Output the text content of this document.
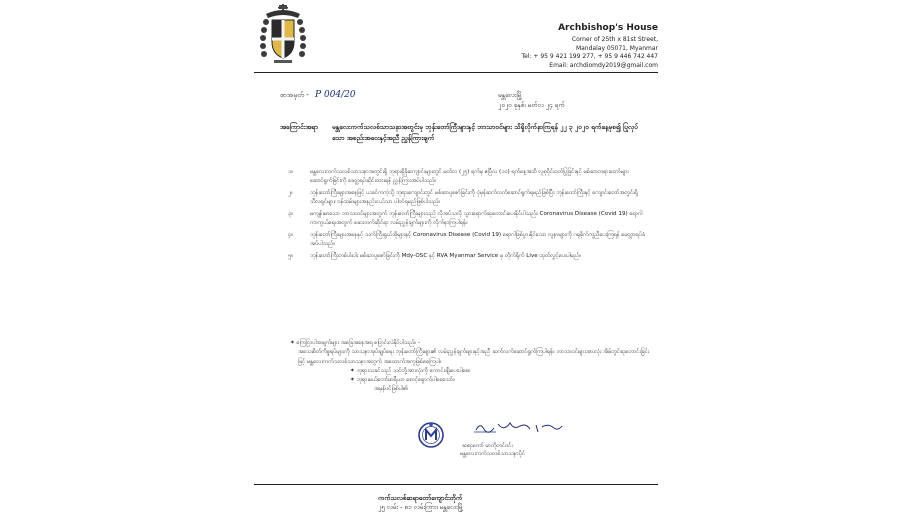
Archbishop's House
Corner of 25th x 81st Street,
Mandalay 05071, Myanmar
Tel: + 95 9 421 199 277, + 95 9 446 742 447
Email: archdiomdy2019@gmail.com
စာအမှတ် - P 004/20	မန္တလေးမြို့
၂၀၂၀ ခုနှစ်၊ မတ်လ ၂၄ ရက်
အကြောင်းအရာ မန္တလေးကက်သလစ်သာသနာအတွင်းမှ ဘုန်းတော်ကြီးများနှင့် ဘာသာဝင်များ သိရှိလိုက်နာကြရန် ၂၂ ၃ ၂၀၂၀ ရက်နေ့မှစ၍ ပြုလုပ်သော အစည်းအဝေးနှင့်အညီ ညွှန်ကြားချက်
၁။	မန္တလေးကက်သလစ်သာသနာအတွင်းရှိ ဘုရားရှိခိုးကျောင်းများတွင် မတ်လ (၂၅) ရက်မှ ဧပြီလ (၁၀) ရက်နေ့အထိ လူစုဝိုင်းဝတ်ပြုခြင်းနှင့် မစ်ဆာတရားတော်များ ဆောင်ရွက်ခြင်းကို ခေတ္တရပ်ဆိုင်းထားရန် ညွှန်ကြားအပ်ပါသည်။
၂။	ဘုန်းတော်ကြီးများအနေဖြင့် ယခင်ကကဲ့သို့ ဘုရားကျောင်းတွင် မစ်ဆာပူဇော်ခြင်းကို ပုံမှန်ဆက်လက်ဆောင်ရွက်ရမည်ဖြစ်ပြီး ဘုန်းတော်ကြီးနှင့် ကျောင်းတော်အတွင်းရှိ သီလရှင်များ၊ ဝန်ထမ်းများအနည်းငယ်သာ ပါဝင်ရမည်ဖြစ်ပါသည်။
၃။	မကျန်းမာသော ဘာသာဝင်များအတွက် ဘုန်းတော်ကြီးများသည် လိုအပ်သလို သွားရောက်ဆုတောင်းပေးနိုင်ပါသည်။ Coronavirus Disease (Covid 19) ရောဂါ ကာကွယ်ရေးအတွက် ဆေးဘက်ဆိုင်ရာ လမ်းညွှန်ချက်များကို လိုက်နာကြပါရန်။
၄။	ဘုန်းတော်ကြီးများအနေနှင့် သက်ကြီးရွယ်အိုများနှင့် Coronavirus Disease (Covid 19) ရောဂါဖြစ်ပွားနိုင်သော လူနာများကို ဂရုစိုက်ကူညီပေးကြရန် မေတ္တာရပ်ခံအပ်ပါသည်။
၅။	ဘုန်းတော်ကြီးတစ်ပါးပါး မစ်ဆာပူဇော်ခြင်းကို Mdy-OSC နှင့် RVA Myanmar Service မှ တိုက်ရိုက် Live ထုတ်လွှင့်ပေးပါမည်။
✶ ကြေငြာပါအချက်များ အခြေအနေအရ ပြောင်းလဲနိုင်ပါသည်။ -
အသေးစိတ်ကိစ္စရပ်များကို သာသနာအုပ်ချုပ်ရေး ဘုန်းတော်ကြီးများ၏ လမ်းညွှန်ချက်များနှင့်အညီ ဆက်လက်ဆောင်ရွက်ကြပါရန်။ ဘာသာဝင်များအားလုံး အိမ်တွင်ဆုတောင်းခြင်းဖြင့် မန္တလေးကက်သလစ်သာသနာအတွက် အထောက်အကူဖြစ်စေကြပါ။
✶ ဘုရားသခင်သည် သင်တို့အားလုံးကို ကောင်းချီးပေးပါစေ။
✶ ဘုရားမယ်တော်မာရီယာ စောင့်ရှောက်ပါစေသော်။
အမှန်ပင်ဖြစ်ပါ၏
ဆရာတော် မာကိုတင်ဝင်း
မန္တလေးကက်သလစ်သာသနာပိုင်
ကက်သလစ်ဆရာတော်ကျောင်းတိုက်
၂၅ လမ်း - ၈၁ လမ်းကြား၊ မန္တလေးမြို့
